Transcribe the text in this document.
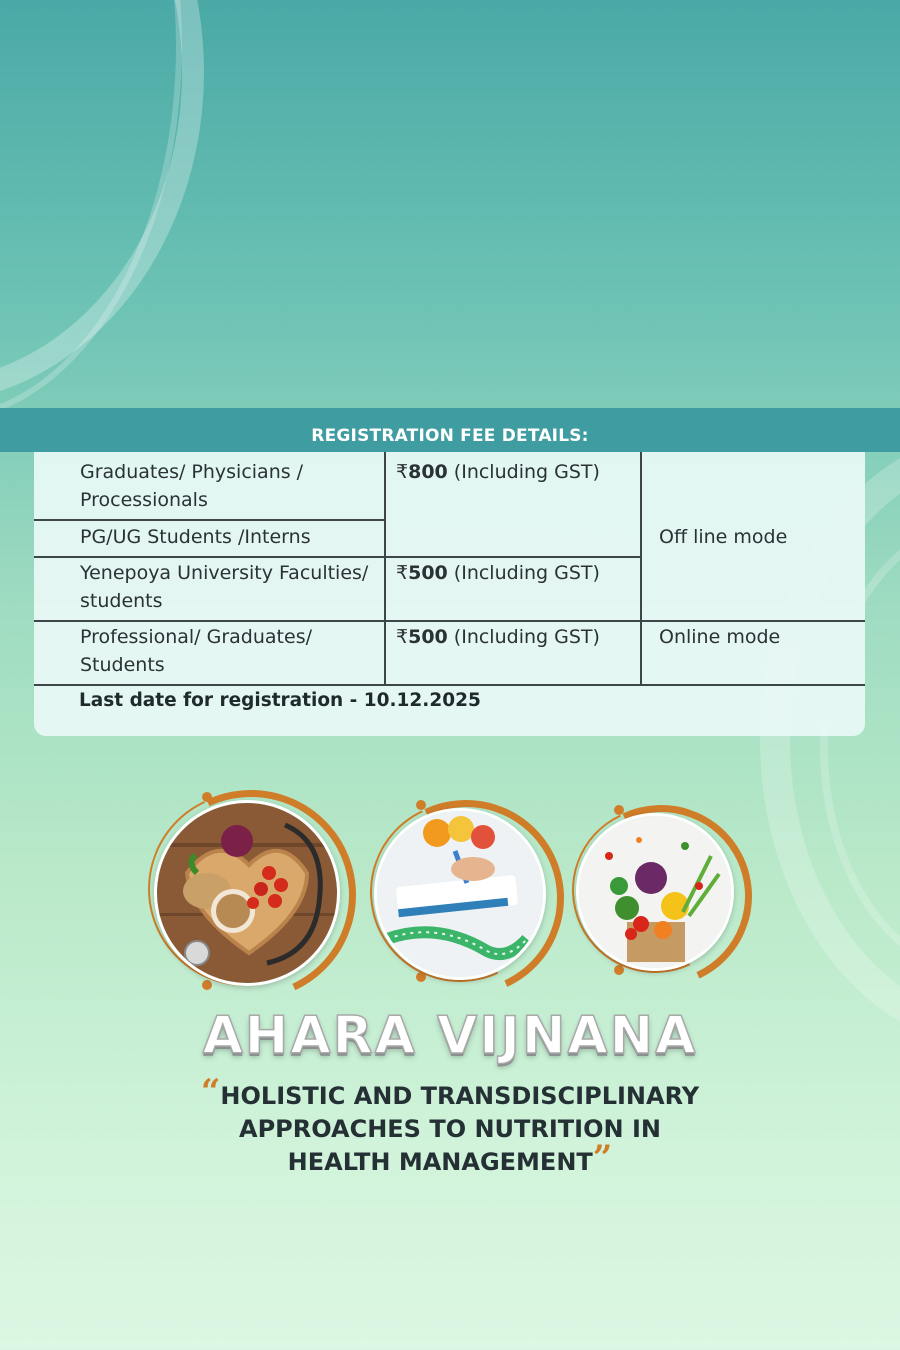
REGISTRATION FEE DETAILS:
Graduates/ Physicians /
Processionals
PG/UG Students /Interns
Yenepoya University Faculties/
students
Professional/ Graduates/
Students
₹800 (Including GST)
₹500 (Including GST)
₹500 (Including GST)
Off line mode
Online mode
Last date for registration - 10.12.2025
AHARA VIJNANA
“HOLISTIC AND TRANSDISCIPLINARY
APPROACHES TO NUTRITION IN
HEALTH MANAGEMENT”
